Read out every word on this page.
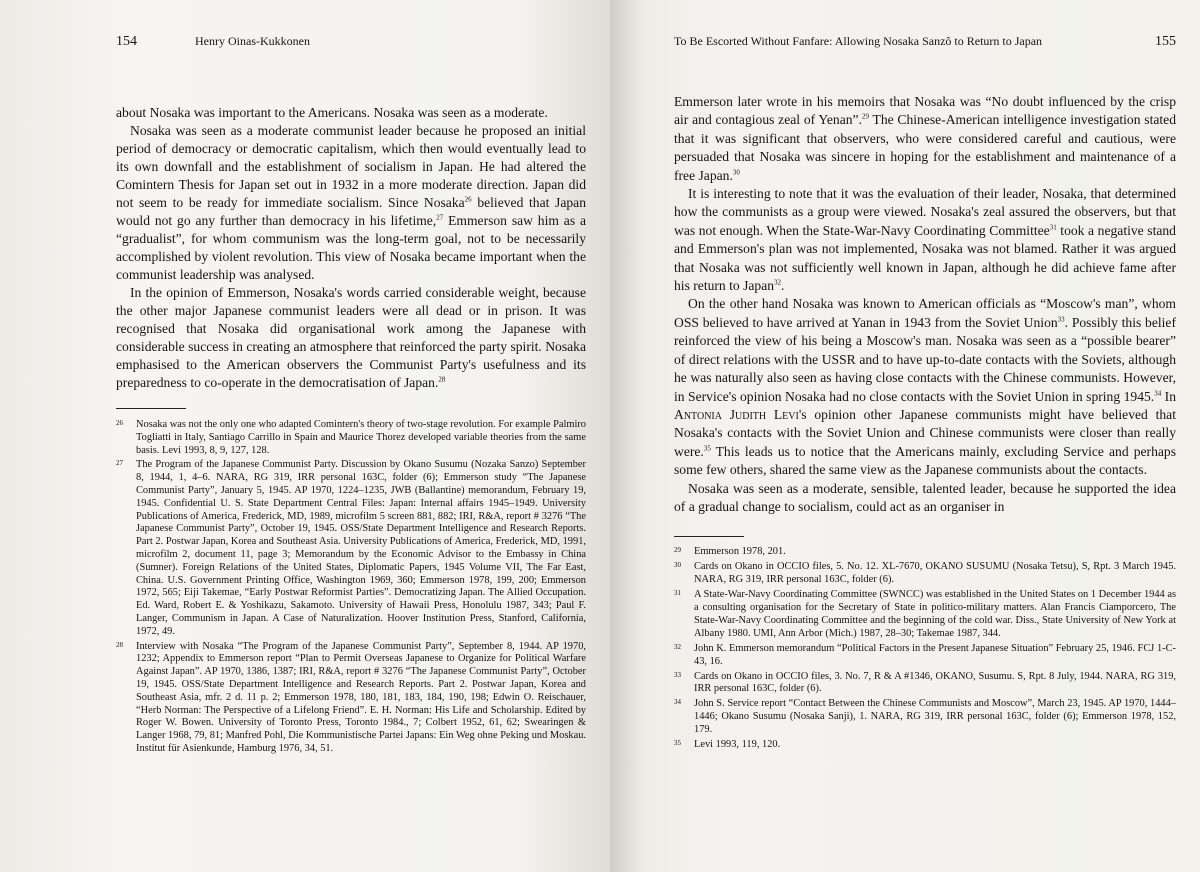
154	Henry Oinas-Kukkonen

about Nosaka was important to the Americans. Nosaka was seen as a moderate.

Nosaka was seen as a moderate communist leader because he proposed an initial period of democracy or democratic capitalism, which then would eventually lead to its own downfall and the establishment of socialism in Japan. He had altered the Comintern Thesis for Japan set out in 1932 in a more moderate direction. Japan did not seem to be ready for immediate socialism. Since Nosaka$^{26}$ believed that Japan would not go any further than democracy in his lifetime,$^{27}$ Emmerson saw him as a “gradualist”, for whom communism was the long-term goal, not to be necessarily accomplished by violent revolution. This view of Nosaka became important when the communist leadership was analysed.

In the opinion of Emmerson, Nosaka's words carried considerable weight, because the other major Japanese communist leaders were all dead or in prison. It was recognised that Nosaka did organisational work among the Japanese with considerable success in creating an atmosphere that reinforced the party spirit. Nosaka emphasised to the American observers the Communist Party's usefulness and its preparedness to co-operate in the democratisation of Japan.$^{28}$

26 Nosaka was not the only one who adapted Comintern's theory of two-stage revolution. For example Palmiro Togliatti in Italy, Santiago Carrillo in Spain and Maurice Thorez developed variable theories from the same basis. Levi 1993, 8, 9, 127, 128.
27 The Program of the Japanese Communist Party. Discussion by Okano Susumu (Nozaka Sanzo) September 8, 1944, 1, 4–6. NARA, RG 319, IRR personal 163C, folder (6); Emmerson study “The Japanese Communist Party”, January 5, 1945. AP 1970, 1224–1235, JWB (Ballantine) memorandum, February 19, 1945. Confidential U. S. State Department Central Files: Japan: Internal affairs 1945–1949. University Publications of America, Frederick, MD, 1989, microfilm 5 screen 881, 882; IRI, R&A, report # 3276 “The Japanese Communist Party”, October 19, 1945. OSS/State Department Intelligence and Research Reports. Part 2. Postwar Japan, Korea and Southeast Asia. University Publications of America, Frederick, MD, 1991, microfilm 2, document 11, page 3; Memorandum by the Economic Advisor to the Embassy in China (Sumner). Foreign Relations of the United States, Diplomatic Papers, 1945 Volume VII, The Far East, China. U.S. Government Printing Office, Washington 1969, 360; Emmerson 1978, 199, 200; Emmerson 1972, 565; Eiji Takemae, “Early Postwar Reformist Parties”. Democratizing Japan. The Allied Occupation. Ed. Ward, Robert E. & Yoshikazu, Sakamoto. University of Hawaii Press, Honolulu 1987, 343; Paul F. Langer, Communism in Japan. A Case of Naturalization. Hoover Institution Press, Stanford, California, 1972, 49.
28 Interview with Nosaka “The Program of the Japanese Communist Party”, September 8, 1944. AP 1970, 1232; Appendix to Emmerson report “Plan to Permit Overseas Japanese to Organize for Political Warfare Against Japan”. AP 1970, 1386, 1387; IRI, R&A, report # 3276 “The Japanese Communist Party”, October 19, 1945. OSS/State Department Intelligence and Research Reports. Part 2. Postwar Japan, Korea and Southeast Asia, mfr. 2 d. 11 p. 2; Emmerson 1978, 180, 181, 183, 184, 190, 198; Edwin O. Reischauer, “Herb Norman: The Perspective of a Lifelong Friend”. E. H. Norman: His Life and Scholarship. Edited by Roger W. Bowen. University of Toronto Press, Toronto 1984., 7; Colbert 1952, 61, 62; Swearingen & Langer 1968, 79, 81; Manfred Pohl, Die Kommunistische Partei Japans: Ein Weg ohne Peking und Moskau. Institut für Asienkunde, Hamburg 1976, 34, 51.
To Be Escorted Without Fanfare: Allowing Nosaka Sanzô to Return to Japan	155

Emmerson later wrote in his memoirs that Nosaka was “No doubt influenced by the crisp air and contagious zeal of Yenan”.$^{29}$ The Chinese-American intelligence investigation stated that it was significant that observers, who were considered careful and cautious, were persuaded that Nosaka was sincere in hoping for the establishment and maintenance of a free Japan.$^{30}$

It is interesting to note that it was the evaluation of their leader, Nosaka, that determined how the communists as a group were viewed. Nosaka's zeal assured the observers, but that was not enough. When the State-War-Navy Coordinating Committee$^{31}$ took a negative stand and Emmerson's plan was not implemented, Nosaka was not blamed. Rather it was argued that Nosaka was not sufficiently well known in Japan, although he did achieve fame after his return to Japan$^{32}$.

On the other hand Nosaka was known to American officials as “Moscow's man”, whom OSS believed to have arrived at Yanan in 1943 from the Soviet Union$^{33}$. Possibly this belief reinforced the view of his being a Moscow's man. Nosaka was seen as a “possible bearer” of direct relations with the USSR and to have up-to-date contacts with the Soviets, although he was naturally also seen as having close contacts with the Chinese communists. However, in Service's opinion Nosaka had no close contacts with the Soviet Union in spring 1945.34 In Antonia Judith Levi's opinion other Japanese communists might have believed that Nosaka's contacts with the Soviet Union and Chinese communists were closer than really were.$^{35}$ This leads us to notice that the Americans mainly, excluding Service and perhaps some few others, shared the same view as the Japanese communists about the contacts.

Nosaka was seen as a moderate, sensible, talented leader, because he supported the idea of a gradual change to socialism, could act as an organiser in

29 Emmerson 1978, 201.
30 Cards on Okano in OCCIO files, 5. No. 12. XL-7670, OKANO SUSUMU (Nosaka Tetsu), S, Rpt. 3 March 1945. NARA, RG 319, IRR personal 163C, folder (6).
31 A State-War-Navy Coordinating Committee (SWNCC) was established in the United States on 1 December 1944 as a consulting organisation for the Secretary of State in politico-military matters. Alan Francis Ciamporcero, The State-War-Navy Coordinating Committee and the beginning of the cold war. Diss., State University of New York at Albany 1980. UMI, Ann Arbor (Mich.) 1987, 28–30; Takemae 1987, 344.
32 John K. Emmerson memorandum “Political Factors in the Present Japanese Situation” February 25, 1946. FCJ 1-C-43, 16.
33 Cards on Okano in OCCIO files, 3. No. 7, R & A #1346, OKANO, Susumu. S, Rpt. 8 July, 1944. NARA, RG 319, IRR personal 163C, folder (6).
34 John S. Service report “Contact Between the Chinese Communists and Moscow”, March 23, 1945. AP 1970, 1444–1446; Okano Susumu (Nosaka Sanji), 1. NARA, RG 319, IRR personal 163C, folder (6); Emmerson 1978, 152, 179.
35 Levi 1993, 119, 120.
